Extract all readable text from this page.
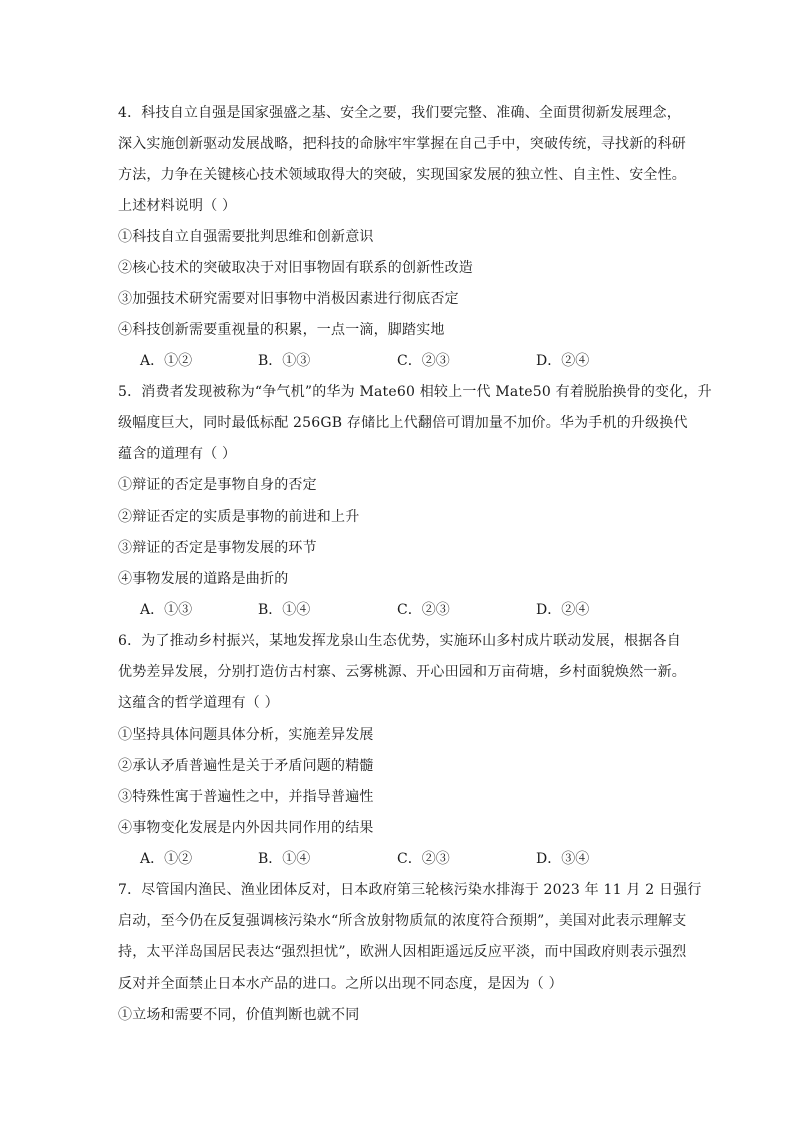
4．科技自立自强是国家强盛之基、安全之要，我们要完整、准确、全面贯彻新发展理念，
深入实施创新驱动发展战略，把科技的命脉牢牢掌握在自己手中，突破传统，寻找新的科研
方法，力争在关键核心技术领域取得大的突破，实现国家发展的独立性、自主性、安全性。
上述材料说明（ ）
①科技自立自强需要批判思维和创新意识
②核心技术的突破取决于对旧事物固有联系的创新性改造
③加强技术研究需要对旧事物中消极因素进行彻底否定
④科技创新需要重视量的积累，一点一滴，脚踏实地
A．①②	B．①③	C．②③	D．②④
5．消费者发现被称为“争气机”的华为 Mate60 相较上一代 Mate50 有着脱胎换骨的变化，升
级幅度巨大，同时最低标配 256GB 存储比上代翻倍可谓加量不加价。华为手机的升级换代
蕴含的道理有（ ）
①辩证的否定是事物自身的否定
②辩证否定的实质是事物的前进和上升
③辩证的否定是事物发展的环节
④事物发展的道路是曲折的
A．①③	B．①④	C．②③	D．②④
6．为了推动乡村振兴，某地发挥龙泉山生态优势，实施环山多村成片联动发展，根据各自
优势差异发展，分别打造仿古村寨、云雾桃源、开心田园和万亩荷塘，乡村面貌焕然一新。
这蕴含的哲学道理有（ ）
①坚持具体问题具体分析，实施差异发展
②承认矛盾普遍性是关于矛盾问题的精髓
③特殊性寓于普遍性之中，并指导普遍性
④事物变化发展是内外因共同作用的结果
A．①②	B．①④	C．②③	D．③④
7．尽管国内渔民、渔业团体反对，日本政府第三轮核污染水排海于 2023 年 11 月 2 日强行
启动，至今仍在反复强调核污染水“所含放射物质氚的浓度符合预期”，美国对此表示理解支
持，太平洋岛国居民表达“强烈担忧”，欧洲人因相距遥远反应平淡，而中国政府则表示强烈
反对并全面禁止日本水产品的进口。之所以出现不同态度，是因为（ ）
①立场和需要不同，价值判断也就不同
